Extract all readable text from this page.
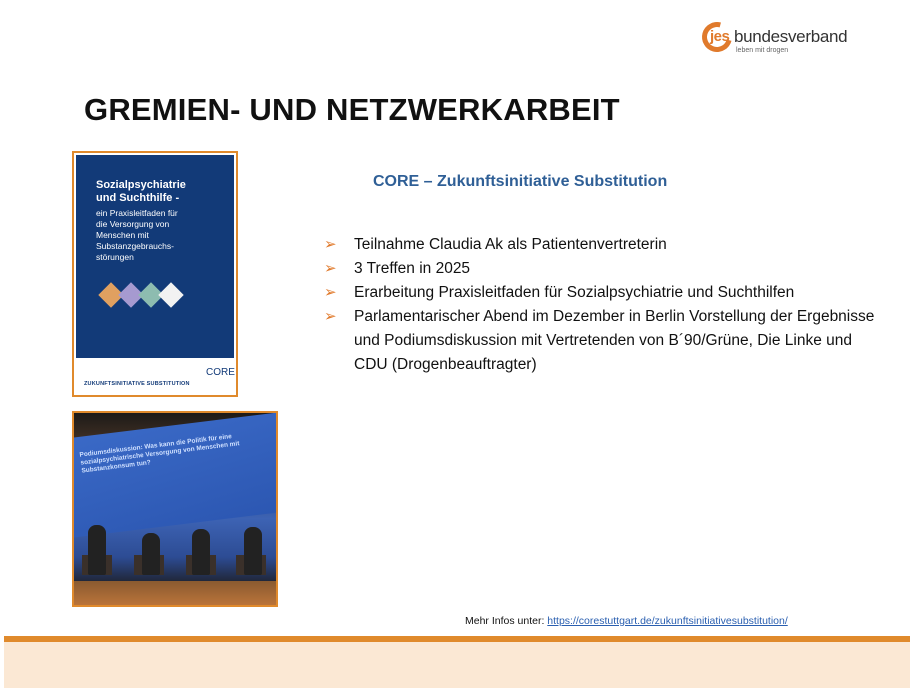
jes bundesverband
leben mit drogen
GREMIEN- UND NETZWERKARBEIT
Sozialpsychiatrie und Suchthilfe -
ein Praxisleitfaden für die Versorgung von Menschen mit Substanzgebrauchs- störungen
CORE
ZUKUNFTSINITIATIVE SUBSTITUTION
Podiumsdiskussion: Was kann die Politik für eine sozialpsychiatrische Versorgung von Menschen mit Substanzkonsum tun?
CORE – Zukunftsinitiative Substitution
➢ Teilnahme Claudia Ak als Patientenvertreterin
➢ 3 Treffen in 2025
➢ Erarbeitung Praxisleitfaden für Sozialpsychiatrie und Suchthilfen
➢ Parlamentarischer Abend im Dezember in Berlin Vorstellung der Ergebnisse und Podiumsdiskussion mit Vertretenden von B´90/Grüne, Die Linke und CDU (Drogenbeauftragter)
Mehr Infos unter: https://corestuttgart.de/zukunftsinitiativesubstitution/
